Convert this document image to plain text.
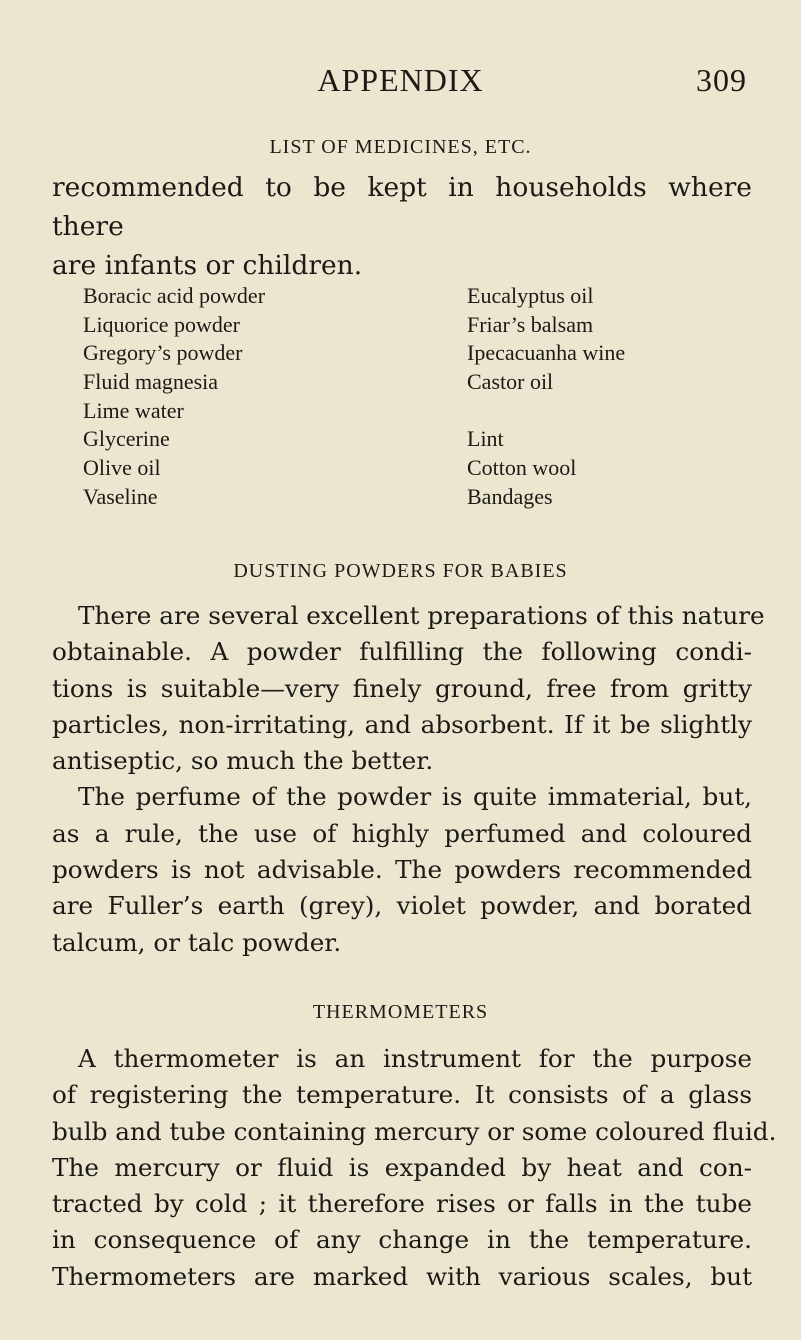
APPENDIX	309
LIST OF MEDICINES, ETC.

recommended to be kept in households where there

are infants or children.

Boracic acid powder
Liquorice powder
Gregory’s powder
Fluid magnesia
Lime water
Glycerine
Olive oil
Vaseline
Eucalyptus oil
Friar’s balsam
Ipecacuanha wine
Castor oil
Lint
Cotton wool
Bandages
DUSTING POWDERS FOR BABIES
There are several excellent preparations of this nature
obtainable. A powder fulfilling the following condi-
tions is suitable—very finely ground, free from gritty
particles, non-irritating, and absorbent. If it be slightly
antiseptic, so much the better.
The perfume of the powder is quite immaterial, but,
as a rule, the use of highly perfumed and coloured
powders is not advisable. The powders recommended
are Fuller’s earth (grey), violet powder, and borated
talcum, or talc powder.
THERMOMETERS
A thermometer is an instrument for the purpose
of registering the temperature. It consists of a glass
bulb and tube containing mercury or some coloured fluid.
The mercury or fluid is expanded by heat and con-
tracted by cold ; it therefore rises or falls in the tube
in consequence of any change in the temperature.
Thermometers are marked with various scales, but
